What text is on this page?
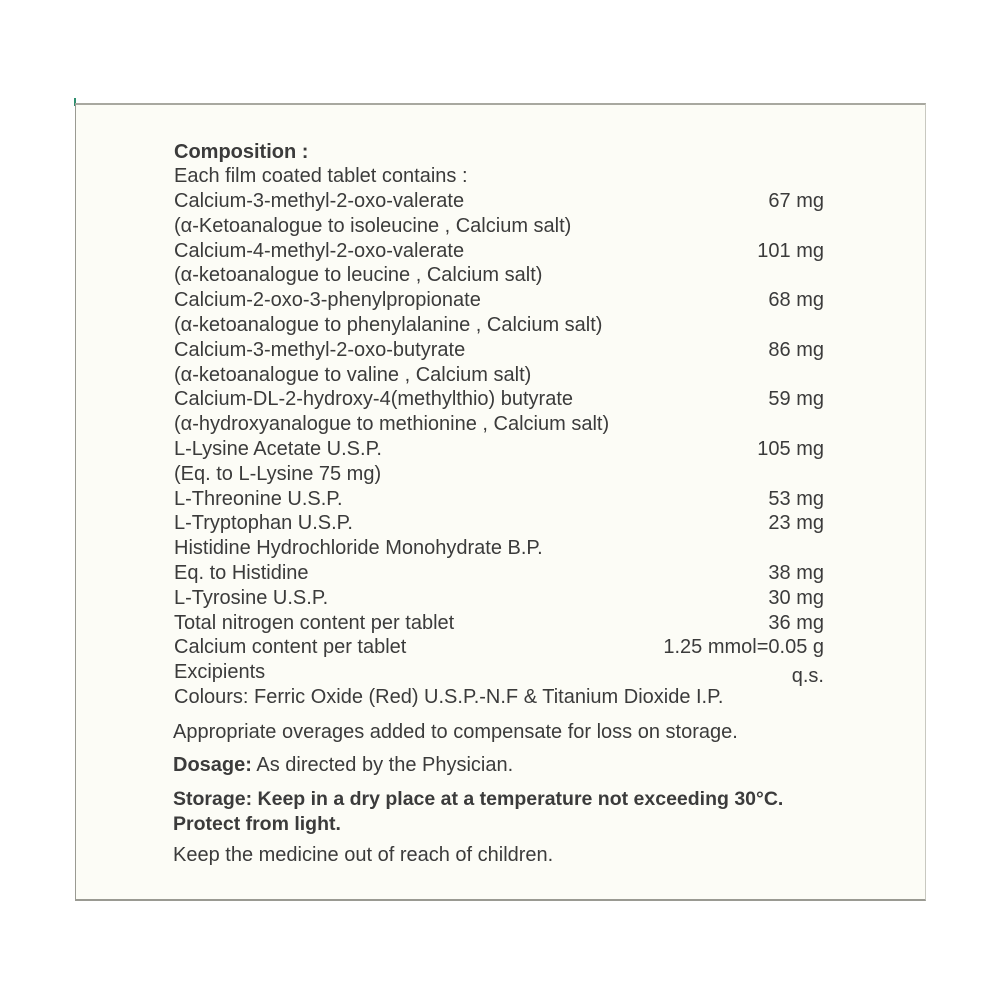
Composition :
Each film coated tablet contains :
Calcium-3-methyl-2-oxo-valerate	67 mg
(α-Ketoanalogue to isoleucine , Calcium salt)
Calcium-4-methyl-2-oxo-valerate	101 mg
(α-ketoanalogue to leucine , Calcium salt)
Calcium-2-oxo-3-phenylpropionate	68 mg
(α-ketoanalogue to phenylalanine , Calcium salt)
Calcium-3-methyl-2-oxo-butyrate	86 mg
(α-ketoanalogue to valine , Calcium salt)
Calcium-DL-2-hydroxy-4(methylthio) butyrate	59 mg
(α-hydroxyanalogue to methionine , Calcium salt)
L-Lysine Acetate U.S.P.	105 mg
(Eq. to L-Lysine 75 mg)
L-Threonine U.S.P.	53 mg
L-Tryptophan U.S.P.	23 mg
Histidine Hydrochloride Monohydrate B.P.
Eq. to Histidine	38 mg
L-Tyrosine U.S.P.	30 mg
Total nitrogen content per tablet	36 mg
Calcium content per tablet	1.25 mmol=0.05 g
Excipients	q.s.
Colours: Ferric Oxide (Red) U.S.P.-N.F & Titanium Dioxide I.P.
Appropriate overages added to compensate for loss on storage.
Dosage: As directed by the Physician.
Storage: Keep in a dry place at a temperature not exceeding 30°C.
Protect from light.
Keep the medicine out of reach of children.
